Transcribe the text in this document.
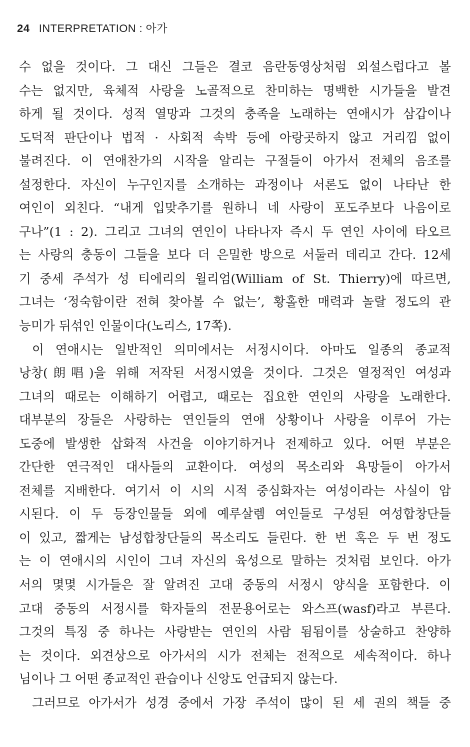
24 INTERPRETATION : 아가
수 없을 것이다. 그 대신 그들은 결코 음란동영상처럼 외설스럽다고 볼
수는 없지만, 육체적 사랑을 노골적으로 찬미하는 명백한 시가들을 발견
하게 될 것이다. 성적 열망과 그것의 충족을 노래하는 연애시가 삼갑이나
도덕적 판단이나 법적 · 사회적 속박 등에 아랑곳하지 않고 거리낌 없이
불려진다. 이 연애찬가의 시작을 알리는 구절들이 아가서 전체의 음조를
설정한다. 자신이 누구인지를 소개하는 과정이나 서론도 없이 나타난 한
여인이 외친다. “내게 입맞추기를 원하니 네 사랑이 포도주보다 나음이로
구나”(1 : 2). 그리고 그녀의 연인이 나타나자 즉시 두 연인 사이에 타오르
는 사랑의 충동이 그들을 보다 더 은밀한 방으로 서둘러 데리고 간다. 12세
기 중세 주석가 성 티에리의 윌리엄(William of St. Thierry)에 따르면,
그녀는 ‘정숙함이란 전혀 찾아볼 수 없는’, 황홀한 매력과 놀랄 정도의 관
능미가 뒤섞인 인물이다(노리스, 17쪽).
이 연애시는 일반적인 의미에서는 서정시이다. 아마도 일종의 종교적
낭창(朗唱)을 위해 저작된 서정시였을 것이다. 그것은 열정적인 여성과
그녀의 때로는 이해하기 어렵고, 때로는 집요한 연인의 사랑을 노래한다.
대부분의 장들은 사랑하는 연인들의 연애 상황이나 사랑을 이루어 가는
도중에 발생한 삽화적 사건을 이야기하거나 전제하고 있다. 어떤 부분은
간단한 연극적인 대사들의 교환이다. 여성의 목소리와 욕망들이 아가서
전체를 지배한다. 여기서 이 시의 시적 중심화자는 여성이라는 사실이 암
시된다. 이 두 등장인물들 외에 예루살렘 여인들로 구성된 여성합창단들
이 있고, 짧게는 남성합창단들의 목소리도 들린다. 한 번 혹은 두 번 정도
는 이 연애시의 시인이 그녀 자신의 육성으로 말하는 것처럼 보인다. 아가
서의 몇몇 시가들은 잘 알려진 고대 중동의 서정시 양식을 포함한다. 이
고대 중동의 서정시를 학자들의 전문용어로는 와스프(wasf)라고 부른다.
그것의 특징 중 하나는 사랑받는 연인의 사람 됨됨이를 상술하고 찬양하
는 것이다. 외견상으로 아가서의 시가 전체는 전적으로 세속적이다. 하나
님이나 그 어떤 종교적인 관습이나 신앙도 언급되지 않는다.
그러므로 아가서가 성경 중에서 가장 주석이 많이 된 세 권의 책들 중
